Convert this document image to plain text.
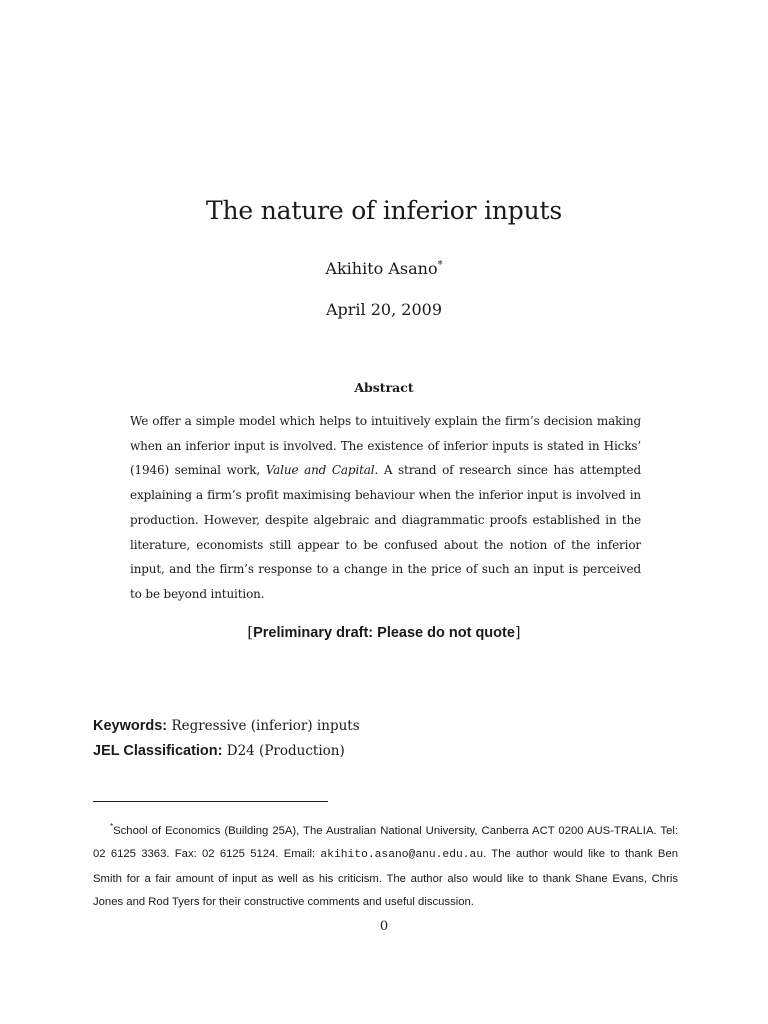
The nature of inferior inputs
Akihito Asano*
April 20, 2009
Abstract

We offer a simple model which helps to intuitively explain the firm’s decision making when an inferior input is involved. The existence of inferior inputs is stated in Hicks’ (1946) seminal work, Value and Capital. A strand of research since has attempted explaining a firm’s profit maximising behaviour when the inferior input is involved in production. However, despite algebraic and diagrammatic proofs established in the literature, economists still appear to be confused about the notion of the inferior input, and the firm’s response to a change in the price of such an input is perceived to be beyond intuition.

[Preliminary draft: Please do not quote]
Keywords: Regressive (inferior) inputs
JEL Classification: D24 (Production)

*School of Economics (Building 25A), The Australian National University, Canberra ACT 0200 AUS-TRALIA. Tel: 02 6125 3363. Fax: 02 6125 5124. Email: akihito.asano@anu.edu.au. The author would like to thank Ben Smith for a fair amount of input as well as his criticism. The author also would like to thank Shane Evans, Chris Jones and Rod Tyers for their constructive comments and useful discussion.

0
